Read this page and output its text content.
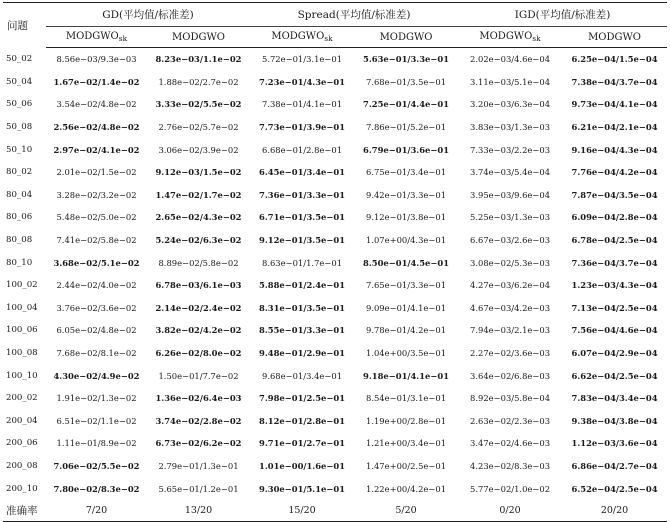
问题	GD(平均值/标准差)		Spread(平均值/标准差)		IGD(平均值/标准差)	
	$MODGWO_{sk}$	MODGWO	$MODGWO_{sk}$	MODGWO	$MODGWO_{sk}$	MODGWO
50_02	8.56e−03/9.3e−03	8.23e−03/1.1e−02	5.72e−01/3.1e−01	5.63e−01/3.3e−01	2.02e−03/4.6e−04	6.25e−04/1.5e−04
50_04	1.67e−02/1.4e−02	1.88e−02/2.7e−02	7.23e−01/4.3e−01	7.68e−01/3.5e−01	3.11e−03/5.1e−04	7.38e−04/3.7e−04
50_06	3.54e−02/4.8e−02	3.33e−02/5.5e−02	7.38e−01/4.1e−01	7.25e−01/4.4e−01	3.20e−03/6.3e−04	9.73e−04/4.1e−04
50_08	2.56e−02/4.8e−02	2.76e−02/5.7e−02	7.73e−01/3.9e−01	7.86e−01/5.2e−01	3.83e−03/1.3e−03	6.21e−04/2.1e−04
50_10	2.97e−02/4.1e−02	3.06e−02/3.9e−02	6.68e−01/2.8e−01	6.79e−01/3.6e−01	7.33e−03/2.2e−03	9.16e−04/4.3e−04
80_02	2.01e−02/1.5e−02	9.12e−03/1.5e−02	6.45e−01/3.4e−01	6.75e−01/3.4e−01	3.74e−03/5.4e−04	7.76e−04/4.2e−04
80_04	3.28e−02/3.2e−02	1.47e−02/1.7e−02	7.36e−01/3.3e−01	9.42e−01/3.3e−01	3.95e−03/9.6e−04	7.87e−04/3.5e−04
80_06	5.48e−02/5.0e−02	2.65e−02/4.3e−02	6.71e−01/3.5e−01	9.12e−01/3.8e−01	5.25e−03/1.3e−03	6.09e−04/2.8e−04
80_08	7.41e−02/5.8e−02	5.24e−02/6.3e−02	9.12e−01/3.5e−01	1.07e+00/4.3e−01	6.67e−03/2.6e−03	6.78e−04/2.5e−04
80_10	3.68e−02/5.1e−02	8.89e−02/5.8e−02	8.63e−01/1.7e−01	8.50e−01/4.5e−01	3.08e−02/5.3e−03	7.36e−04/3.7e−04
100_02	2.44e−02/4.0e−02	6.78e−03/6.1e−03	5.88e−01/2.4e−01	7.65e−01/3.3e−01	4.27e−03/6.2e−04	1.23e−03/4.3e−04
100_04	3.76e−02/3.6e−02	2.14e−02/2.4e−02	8.31e−01/3.5e−01	9.09e−01/4.1e−01	4.67e−03/4.2e−03	7.13e−04/2.5e−04
100_06	6.05e−02/4.8e−02	3.82e−02/4.2e−02	8.55e−01/3.3e−01	9.78e−01/4.2e−01	7.94e−03/2.1e−03	7.56e−04/4.6e−04
100_08	7.68e−02/8.1e−02	6.26e−02/8.0e−02	9.48e−01/2.9e−01	1.04e+00/3.5e−01	2.27e−02/3.6e−03	6.07e−04/2.9e−04
100_10	4.30e−02/4.9e−02	1.50e−01/7.7e−02	9.68e−01/3.4e−01	9.18e−01/4.1e−01	3.64e−02/6.8e−03	6.62e−04/2.5e−04
200_02	1.91e−02/1.3e−02	1.36e−02/6.4e−03	7.98e−01/2.5e−01	8.54e−01/3.1e−01	8.92e−03/5.8e−04	7.83e−04/3.4e−04
200_04	6.51e−02/1.1e−02	3.74e−02/2.8e−02	8.12e−01/2.8e−01	1.19e+00/2.8e−01	2.63e−02/2.3e−03	9.38e−04/3.8e−04
200_06	1.11e−01/8.9e−02	6.73e−02/6.2e−02	9.71e−01/2.7e−01	1.21e+00/3.4e−01	3.47e−02/4.6e−03	1.12e−03/3.6e−04
200_08	7.06e−02/5.5e−02	2.79e−01/1.3e−01	1.01e−00/1.6e−01	1.47e+00/2.5e−01	4.23e−02/8.3e−03	6.86e−04/2.7e−04
200_10	7.80e−02/8.3e−02	5.65e−01/1.2e−01	9.30e−01/5.1e−01	1.22e+00/4.2e−01	5.77e−02/1.0e−02	6.52e−04/2.5e−04
准确率	7/20	13/20	15/20	5/20	0/20	20/20
